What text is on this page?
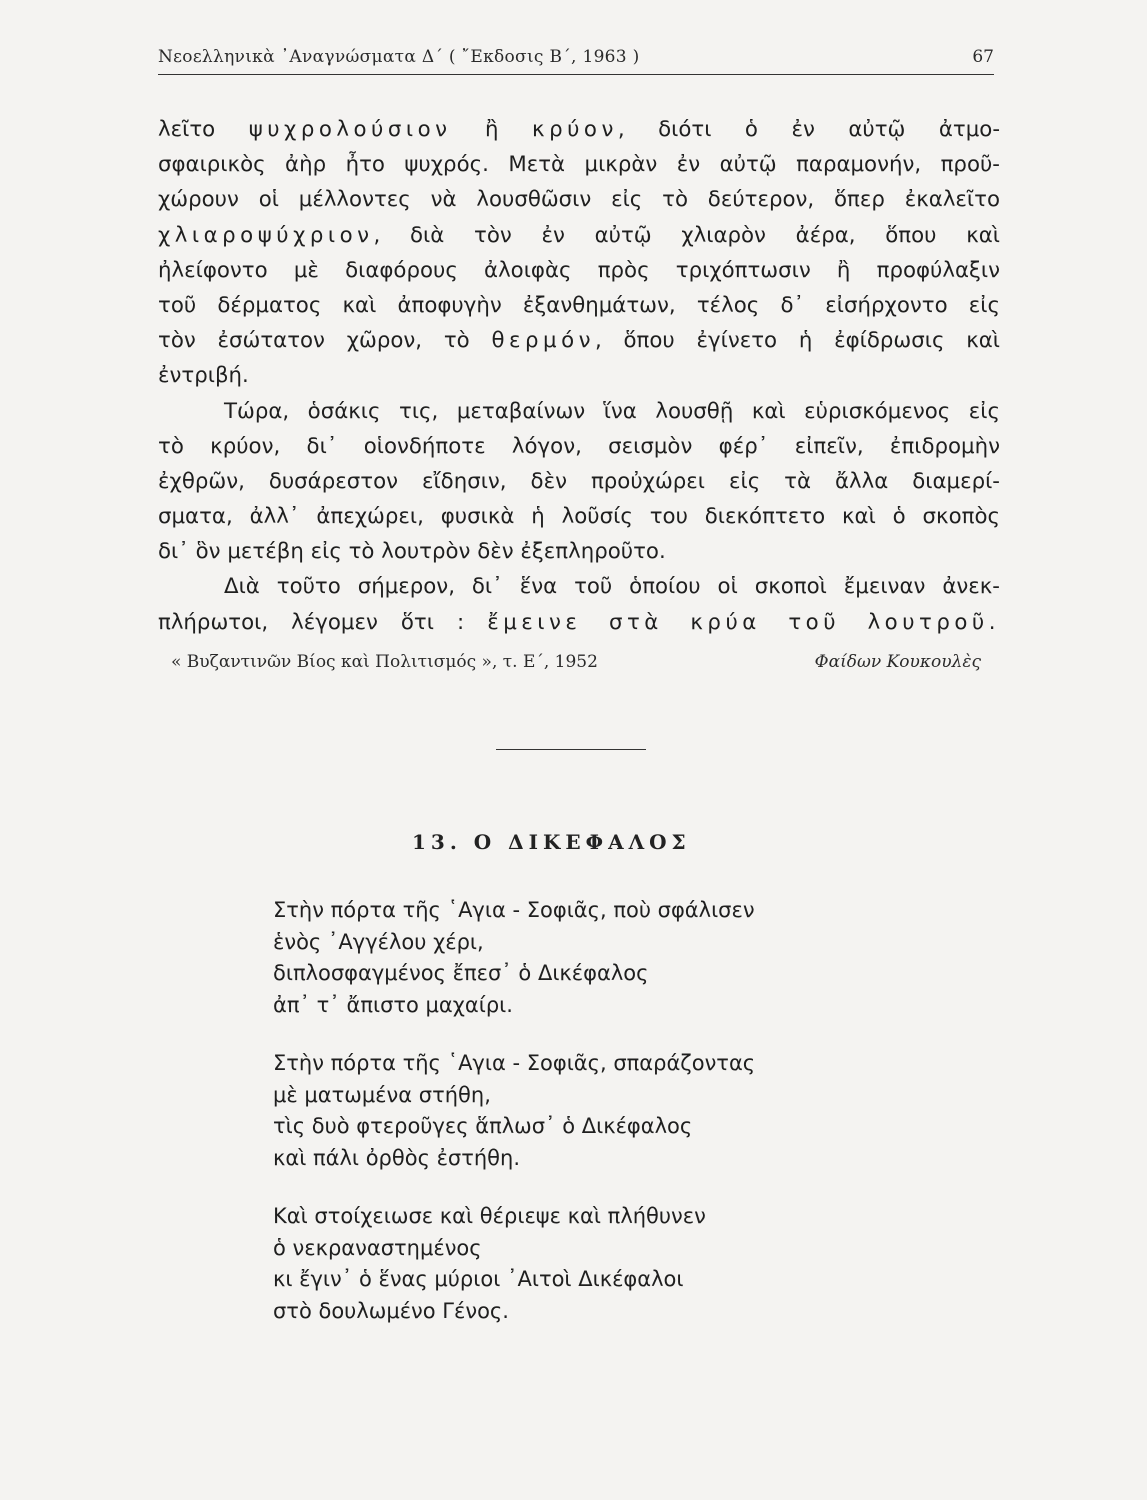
Νεοελληνικὰ ᾽Αναγνώσματα Δ΄ ( ῎Εκδοσις Β΄, 1963 )	67
λεῖτο ψυχρολούσιον ἢ κρύον, διότι ὁ ἐν αὐτῷ ἀτμο-
σφαιρικὸς ἀὴρ ἦτο ψυχρός. Μετὰ μικρὰν ἐν αὐτῷ παραμονήν, προῦ-
χώρουν οἱ μέλλοντες νὰ λουσθῶσιν εἰς τὸ δεύτερον, ὅπερ ἐκαλεῖτο
χλιαροψύχριον, διὰ τὸν ἐν αὐτῷ χλιαρὸν ἀέρα, ὅπου καὶ
ἠλείφοντο μὲ διαφόρους ἀλοιφὰς πρὸς τριχόπτωσιν ἢ προφύλαξιν
τοῦ δέρματος καὶ ἀποφυγὴν ἐξανθημάτων, τέλος δ᾽ εἰσήρχοντο εἰς
τὸν ἐσώτατον χῶρον, τὸ θερμόν, ὅπου ἐγίνετο ἡ ἐφίδρωσις καὶ
ἐντριβή.
Τώρα, ὁσάκις τις, μεταβαίνων ἵνα λουσθῇ καὶ εὑρισκόμενος εἰς
τὸ κρύον, δι᾽ οἱονδήποτε λόγον, σεισμὸν φέρ᾽ εἰπεῖν, ἐπιδρομὴν
ἐχθρῶν, δυσάρεστον εἴδησιν, δὲν προὐχώρει εἰς τὰ ἄλλα διαμερί-
σματα, ἀλλ᾽ ἀπεχώρει, φυσικὰ ἡ λοῦσίς του διεκόπτετο καὶ ὁ σκοπὸς
δι᾽ ὃν μετέβη εἰς τὸ λουτρὸν δὲν ἐξεπληροῦτο.
Διὰ τοῦτο σήμερον, δι᾽ ἕνα τοῦ ὁποίου οἱ σκοποὶ ἔμειναν ἀνεκ-
πλήρωτοι, λέγομεν ὅτι : ἔμεινε στὰ κρύα τοῦ λουτροῦ.
« Βυζαντινῶν Βίος καὶ Πολιτισμός », τ. Ε΄, 1952	Φαίδων Κουκουλὲς
13. Ο ΔΙΚΕΦΑΛΟΣ
Στὴν πόρτα τῆς ῾Αγια - Σοφιᾶς, ποὺ σφάλισεν
ἑνὸς ᾽Αγγέλου χέρι,
διπλοσφαγμένος ἔπεσ᾽ ὁ Δικέφαλος
ἀπ᾽ τ᾽ ἄπιστο μαχαίρι.
Στὴν πόρτα τῆς ῾Αγια - Σοφιᾶς, σπαράζοντας
μὲ ματωμένα στήθη,
τὶς δυὸ φτεροῦγες ἅπλωσ᾽ ὁ Δικέφαλος
καὶ πάλι ὀρθὸς ἐστήθη.
Καὶ στοίχειωσε καὶ θέριεψε καὶ πλήθυνεν
ὁ νεκραναστημένος
κι ἔγιν᾽ ὁ ἕνας μύριοι ᾽Αιτοὶ Δικέφαλοι
στὸ δουλωμένο Γένος.
